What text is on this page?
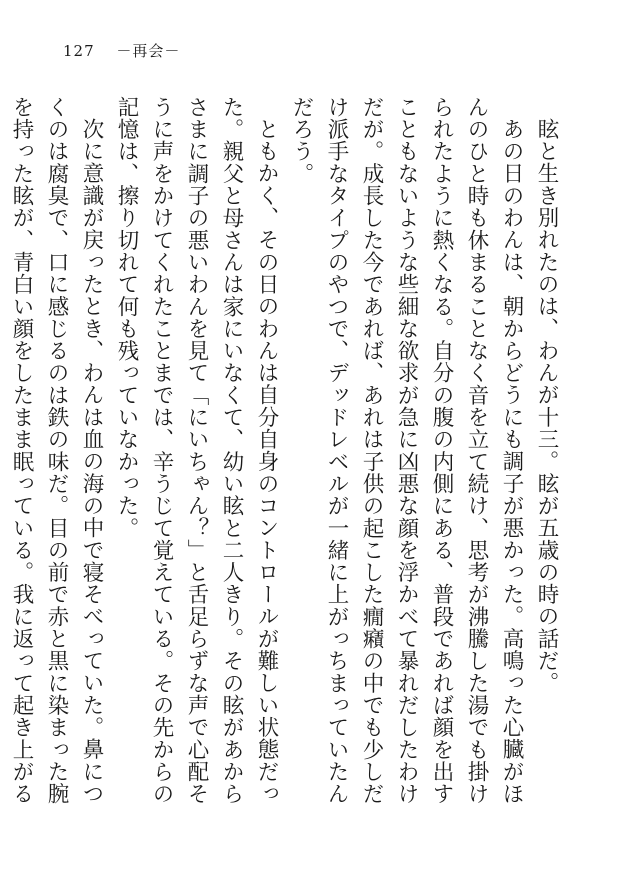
127 －再会－

眩と生き別れたのは、わんが十三。眩が五歳の時の話だ。

あの日のわんは、朝からどうにも調子が悪かった。高鳴った心臓がほんのひと時も休まることなく音を立て続け、思考が沸騰した湯でも掛けられたように熱くなる。自分の腹の内側にある、普段であれば顔を出すこともないような些細な欲求が急に凶悪な顔を浮かべて暴れだしたわけだが。成長した今であれば、あれは子供の起こした癇癪の中でも少しだけ派手なタイプのやつで、デッドレベルが一緒に上がっちまっていたんだろう。

ともかく、その日のわんは自分自身のコントロールが難しい状態だった。親父と母さんは家にいなくて、幼い眩と二人きり。その眩があからさまに調子の悪いわんを見て「にいちゃん？」と舌足らずな声で心配そうに声をかけてくれたことまでは、辛うじて覚えている。その先からの記憶は、擦り切れて何も残っていなかった。

次に意識が戻ったとき、わんは血の海の中で寝そべっていた。鼻につくのは腐臭で、口に感じるのは鉄の味だ。目の前で赤と黒に染まった腕を持った眩が、青白い顔をしたまま眠っている。我に返って起き上がる
